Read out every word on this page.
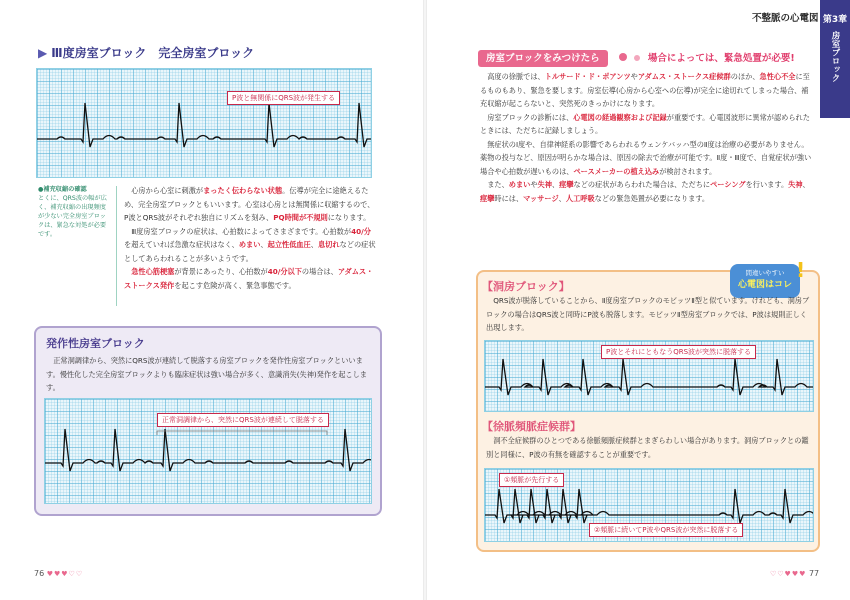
▶ Ⅲ度房室ブロック　完全房室ブロック
P波と無関係にQRS波が発生する
●補充収縮の確認
とくに、QRS波の幅が広く、補充収縮の出現頻度が少ない完全房室ブロックは、緊急な対処が必要です。

心房から心室に刺激がまったく伝わらない状態。伝導が完全に途絶えるため、完全房室ブロックともいいます。心室は心房とは無関係に収縮するので、P波とQRS波がそれぞれ独自にリズムを刻み、PQ時間が不規則になります。

Ⅲ度房室ブロックの症状は、心拍数によってさまざまです。心拍数が40/分を超えていれば急激な症状はなく、めまい、起立性低血圧、息切れなどの症状としてあらわれることが多いようです。

急性心筋梗塞が背景にあったり、心拍数が40/分以下の場合は、アダムス・ストークス発作を起こす危険が高く、緊急事態です。

発作性房室ブロック
正常洞調律から、突然にQRS波が連続して脱落する房室ブロックを発作性房室ブロックといいます。慢性化した完全房室ブロックよりも臨床症状は強い場合が多く、意識消失(失神)発作を起こします。
正常洞調律から、突然にQRS波が連続して脱落する
76 ♥♥♥♡♡
不整脈の心電図 第3章
房室ブロック
房室ブロックをみつけたら	場合によっては、緊急処置が必要!

高度の徐脈では、トルサード・ド・ポアンツやアダムス・ストークス症候群のほか、急性心不全に至るものもあり、緊急を要します。房室伝導(心房から心室への伝導)が完全に途切れてしまった場合、補充収縮が起こらないと、突然死のきっかけになります。

房室ブロックの診断には、心電図の経過観察および記録が重要です。心電図波形に異常が認められたときには、ただちに記録しましょう。

無症状のⅠ度や、自律神経系の影響であらわれるウェンケバッハ型のⅡ度は治療の必要がありません。薬物の投与など、原因が明らかな場合は、原因の除去で治療が可能です。Ⅱ度・Ⅲ度で、自覚症状が強い場合や心拍数が遅いものは、ペースメーカーの植え込みが検討されます。

また、めまいや失神、痙攣などの症状があらわれた場合は、ただちにペーシングを行います。失神、痙攣時には、マッサージ、人工呼吸などの緊急処置が必要になります。

間違いやすい
心電図はコレ
!
【洞房ブロック】
QRS波が脱落していることから、Ⅱ度房室ブロックのモビッツⅡ型と似ています。けれども、洞房ブロックの場合はQRS波と同時にP波も脱落します。モビッツⅡ型房室ブロックでは、P波は規則正しく出現します。
P波とそれにともなうQRS波が突然に脱落する
【徐脈頻脈症候群】
洞不全症候群のひとつである徐脈頻脈症候群とまぎらわしい場合があります。洞房ブロックとの鑑別と同様に、P波の有無を確認することが重要です。
①頻脈が先行する
②頻脈に続いてP波やQRS波が突然に脱落する
♡♡♥♥♥ 77
